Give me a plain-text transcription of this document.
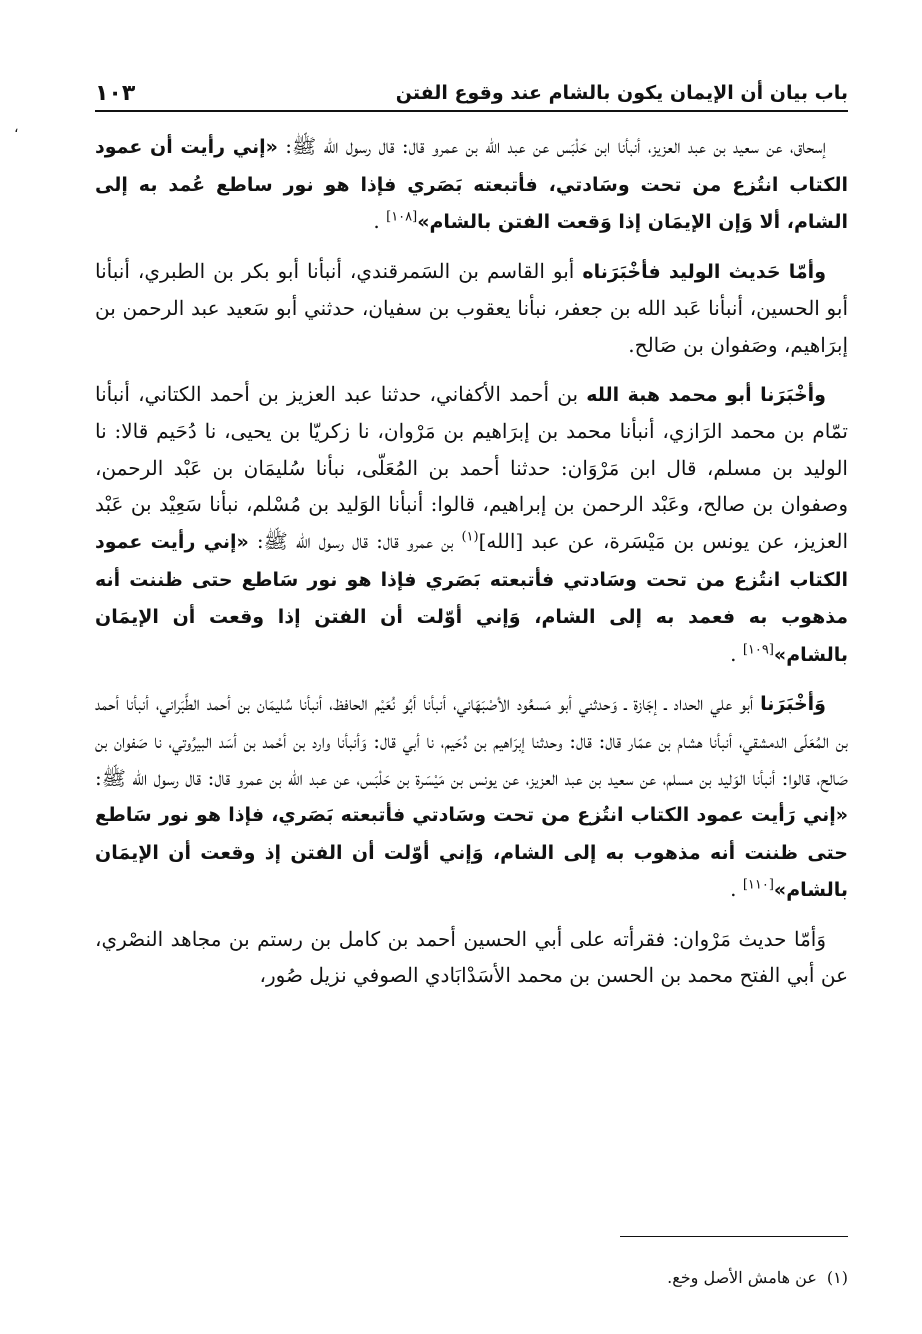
باب بيان أن الإيمان يكون بالشام عند وقوع الفتن
١٠٣
،

إسحاق، عن سعيد بن عبد العزيز، أنبأنا ابن حَلْبَس عن عبد الله بن عمرو قال: قال رسول الله ﷺ: «إني رأيت أن عمود الكتاب انتُزع من تحت وسَادتي، فأتبعته بَصَري فإذا هو نور ساطع عُمد به إلى الشام، ألا وَإن الإيمَان إذا وَقعت الفتن بالشام»[١٠٨] .

وأمّا حَديث الوليد فأخْبَرَناه أبو القاسم بن السَمرقندي، أنبأنا أبو بكر بن الطبري، أنبأنا أبو الحسين، أنبأنا عَبد الله بن جعفر، نبأنا يعقوب بن سفيان، حدثني أبو سَعيد عبد الرحمن بن إبرَاهيم، وصَفوان بن صَالح.

وأخْبَرَنا أبو محمد هبة الله بن أحمد الأكفاني، حدثنا عبد العزيز بن أحمد الكتاني، أنبأنا تمّام بن محمد الرَازي، أنبأنا محمد بن إبرَاهيم بن مَرْوان، نا زكريّا بن يحيى، نا دُحَيم قالا: نا الوليد بن مسلم، قال ابن مَرْوَان: حدثنا أحمد بن المُعَلّى، نبأنا سُليمَان بن عَبْد الرحمن، وصفوان بن صالح، وعَبْد الرحمن بن إبراهيم، قالوا: أنبأنا الوَليد بن مُسْلم، نبأنا سَعِيْد بن عَبْد العزيز، عن يونس بن مَيْسَرة، عن عبد [الله]$^{(١)}$ بن عمرو قال: قال رسول الله ﷺ: «إني رأيت عمود الكتاب انتُزع من تحت وسَادتي فأتبعته بَصَري فإذا هو نور سَاطع حتى ظننت أنه مذهوب به فعمد به إلى الشام، وَإني أوّلت أن الفتن إذا وقعت أن الإيمَان بالشام»[١٠٩] .

وَأخْبَرَنا أبو علي الحداد ـ إجَازة ـ وَحدثني أبو مَسعُود الأصْبَهَاني، أنبأنا أبُو نُعَيْم الحافظ، أنبأنا سُليمَان بن أحمد الطَّبَراني، أنبأنا أحمد بن المُعَلّى الدمشقي، أنبأنا هشام بن عمّار قال: قال: وحدثنا إبرَاهيم بن دُحَيم، نا أبي قال: وَأنبأنا وارد بن أحْمد بن أسَد البيرُوتي، نا صَفوان بن صَالح، قالوا: أنبأنا الوَليد بن مسلم، عن سعيد بن عبد العزيز، عن يونس بن مَيْسَرة بن حَلْبَس، عن عبد الله بن عمرو قال: قال رسول الله ﷺ: «إني رَأيت عمود الكتاب انتُزع من تحت وسَادتي فأتبعته بَصَري، فإذا هو نور سَاطع حتى ظننت أنه مذهوب به إلى الشام، وَإني أوّلت أن الفتن إذ وقعت أن الإيمَان بالشام»[١١٠] .

وَأمّا حديث مَرْوان: فقرأته على أبي الحسين أحمد بن كامل بن رستم بن مجاهد النصْري، عن أبي الفتح محمد بن الحسن بن محمد الأسَدْابَادي الصوفي نزيل صُور،

(١)عن هامش الأصل وخع.
